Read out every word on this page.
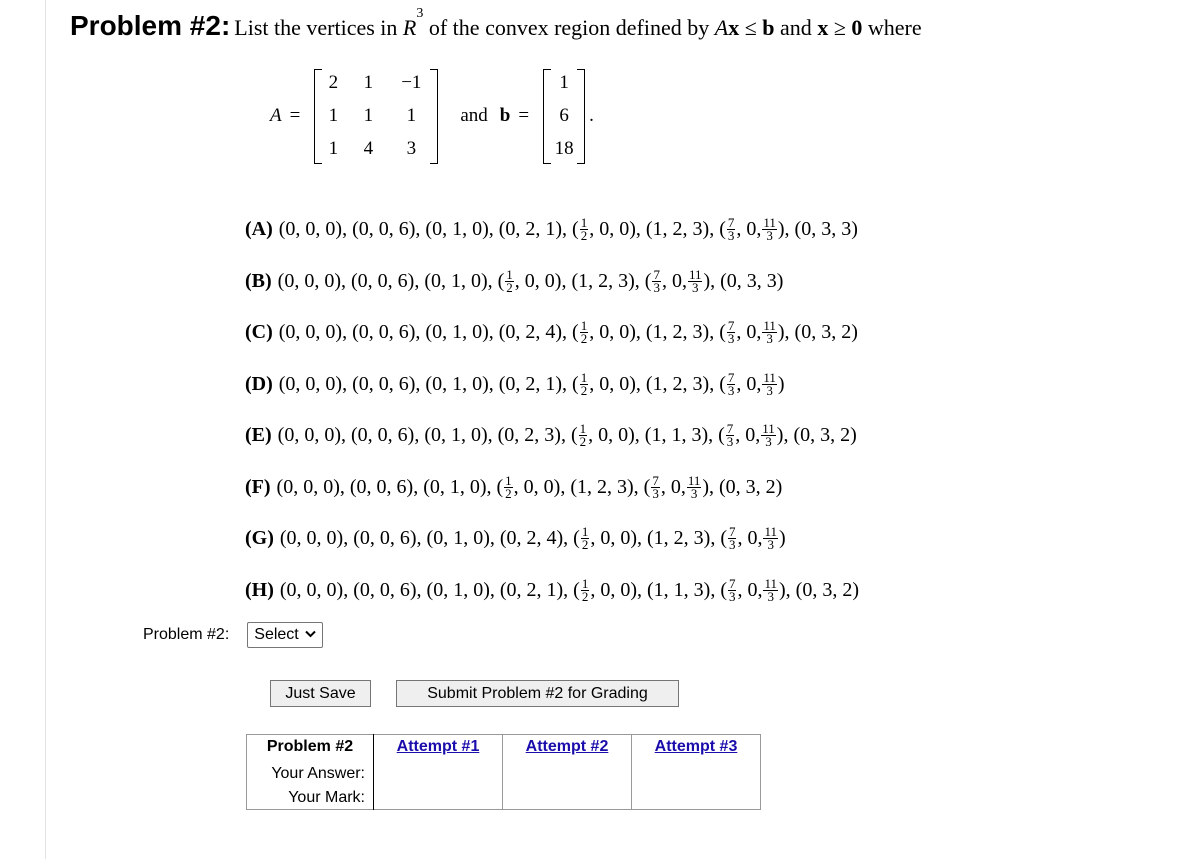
Problem #2: List the vertices in $R^3$ of the convex region defined by Ax ≤ b and x ≥ 0 where
A =
2 1 −1
1 1 1
1 4 3
and b =
1
6
18
.
(A) (0, 0, 0), (0, 0, 6), (0, 1, 0), (0, 2, 1), ( $\frac{1}{2}$ , 0, 0), (1, 2, 3), ( $\frac{7}{3}$ , 0, $\frac{11}{3}$ ), (0, 3, 3)
(B) (0, 0, 0), (0, 0, 6), (0, 1, 0), ( $\frac{1}{2}$ , 0, 0), (1, 2, 3), ( $\frac{7}{3}$ , 0, $\frac{11}{3}$ ), (0, 3, 3)
(C) (0, 0, 0), (0, 0, 6), (0, 1, 0), (0, 2, 4), ( $\frac{1}{2}$ , 0, 0), (1, 2, 3), ( $\frac{7}{3}$ , 0, $\frac{11}{3}$ ), (0, 3, 2)
(D) (0, 0, 0), (0, 0, 6), (0, 1, 0), (0, 2, 1), ( $\frac{1}{2}$ , 0, 0), (1, 2, 3), ( $\frac{7}{3}$ , 0, $\frac{11}{3}$ )
(E) (0, 0, 0), (0, 0, 6), (0, 1, 0), (0, 2, 3), ( $\frac{1}{2}$ , 0, 0), (1, 1, 3), ( $\frac{7}{3}$ , 0, $\frac{11}{3}$ ), (0, 3, 2)
(F) (0, 0, 0), (0, 0, 6), (0, 1, 0), ( $\frac{1}{2}$ , 0, 0), (1, 2, 3), ( $\frac{7}{3}$ , 0, $\frac{11}{3}$ ), (0, 3, 2)
(G) (0, 0, 0), (0, 0, 6), (0, 1, 0), (0, 2, 4), ( $\frac{1}{2}$ , 0, 0), (1, 2, 3), ( $\frac{7}{3}$ , 0, $\frac{11}{3}$ )
(H) (0, 0, 0), (0, 0, 6), (0, 1, 0), (0, 2, 1), ( $\frac{1}{2}$ , 0, 0), (1, 1, 3), ( $\frac{7}{3}$ , 0, $\frac{11}{3}$ ), (0, 3, 2)
Problem #2: Select
Just Save	Submit Problem #2 for Grading
Problem #2	Attempt #1	Attempt #2	Attempt #3
Your Answer:			
Your Mark:			
